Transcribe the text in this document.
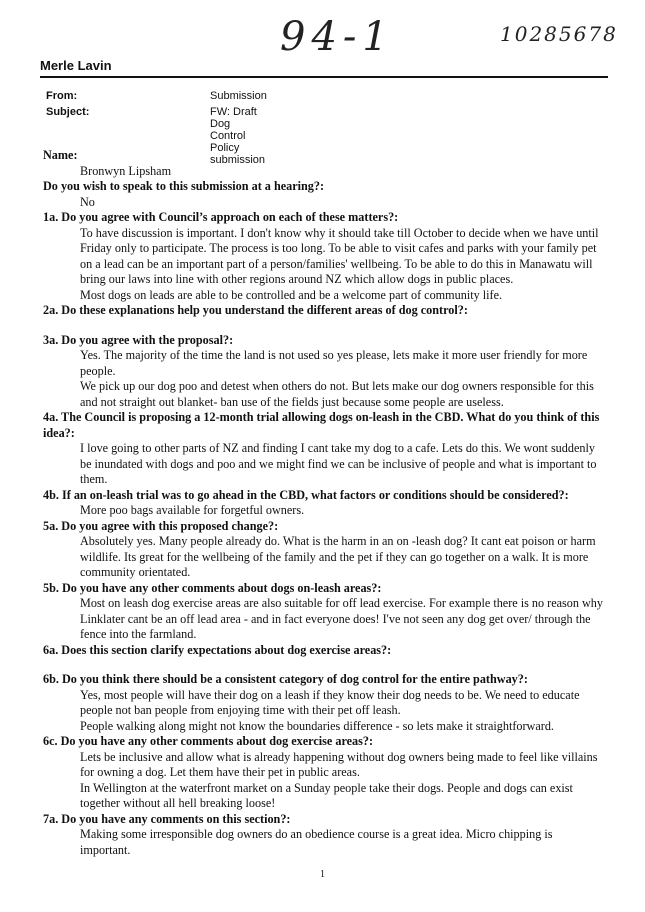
94-1	10285678
Merle Lavin
From:	Submission
Subject:	FW: Draft Dog Control Policy submission
Name:

Bronwyn Lipsham

Do you wish to speak to this submission at a hearing?:

No

1a. Do you agree with Council’s approach on each of these matters?:

To have discussion is important. I don't know why it should take till October to decide when we have until Friday only to participate. The process is too long. To be able to visit cafes and parks with your family pet on a lead can be an important part of a person/families' wellbeing. To be able to do this in Manawatu will bring our laws into line with other regions around NZ which allow dogs in public places.

Most dogs on leads are able to be controlled and be a welcome part of community life.

2a. Do these explanations help you understand the different areas of dog control?:
3a. Do you agree with the proposal?:

Yes. The majority of the time the land is not used so yes please, lets make it more user friendly for more people.

We pick up our dog poo and detest when others do not. But lets make our dog owners responsible for this and not straight out blanket- ban use of the fields just because some people are useless.

4a. The Council is proposing a 12-month trial allowing dogs on-leash in the CBD. What do you think of this idea?:

I love going to other parts of NZ and finding I cant take my dog to a cafe. Lets do this. We wont suddenly be inundated with dogs and poo and we might find we can be inclusive of people and what is important to them.

4b. If an on-leash trial was to go ahead in the CBD, what factors or conditions should be considered?:

More poo bags available for forgetful owners.

5a. Do you agree with this proposed change?:

Absolutely yes. Many people already do. What is the harm in an on -leash dog? It cant eat poison or harm wildlife. Its great for the wellbeing of the family and the pet if they can go together on a walk. It is more community orientated.

5b. Do you have any other comments about dogs on-leash areas?:

Most on leash dog exercise areas are also suitable for off lead exercise. For example there is no reason why Linklater cant be an off lead area - and in fact everyone does! I've not seen any dog get over/ through the fence into the farmland.

6a. Does this section clarify expectations about dog exercise areas?:
6b. Do you think there should be a consistent category of dog control for the entire pathway?:

Yes, most people will have their dog on a leash if they know their dog needs to be. We need to educate people not ban people from enjoying time with their pet off leash.

People walking along might not know the boundaries difference - so lets make it straightforward.

6c. Do you have any other comments about dog exercise areas?:

Lets be inclusive and allow what is already happening without dog owners being made to feel like villains for owning a dog. Let them have their pet in public areas.

In Wellington at the waterfront market on a Sunday people take their dogs. People and dogs can exist together without all hell breaking loose!

7a. Do you have any comments on this section?:

Making some irresponsible dog owners do an obedience course is a great idea. Micro chipping is important.

1
